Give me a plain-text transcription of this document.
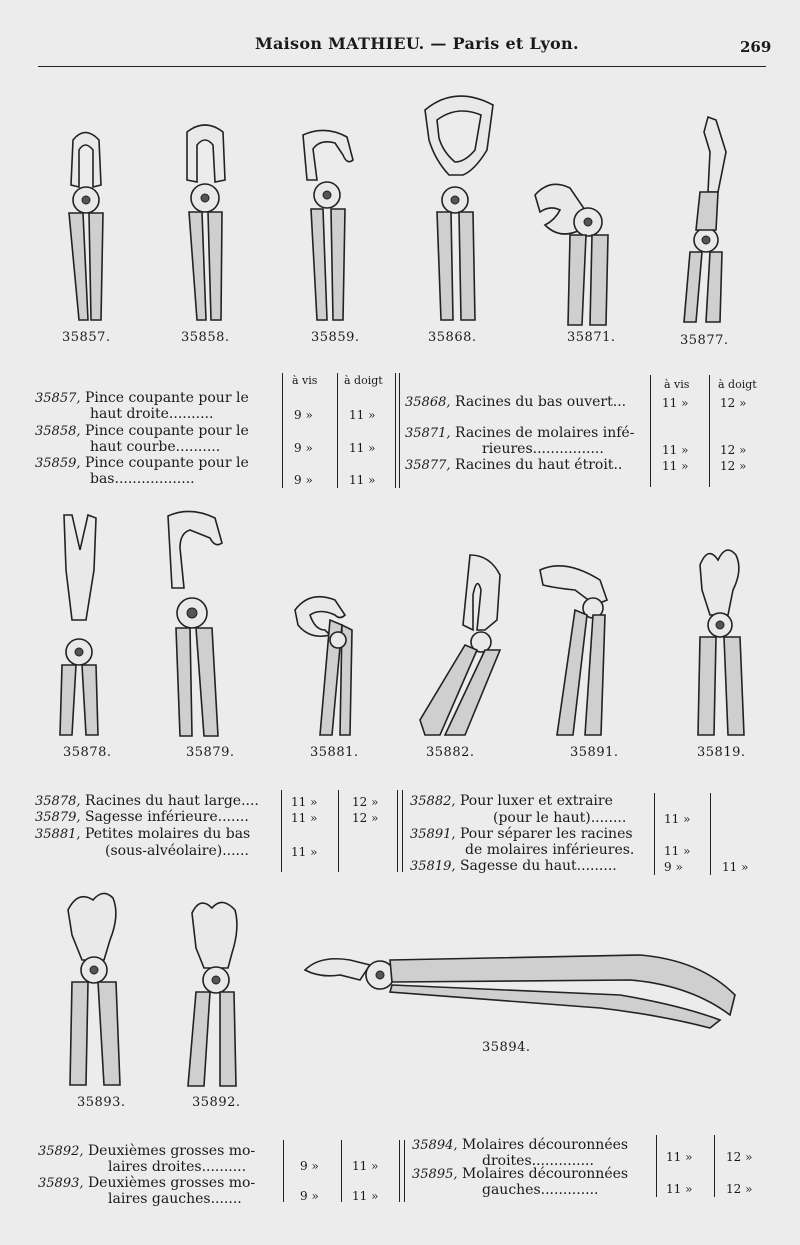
Maison MATHIEU. — Paris et Lyon.	269
35857.	35858.	35859.	35868.	35871.	35877.
à vis à doigt
35857, Pince coupante pour le
haut droite..........	9 »	11 »
35858, Pince coupante pour le
haut courbe..........	9 »	11 »
35859, Pince coupante pour le
bas..................	9 »	11 »
à vis	à doigt
35868, Racines du bas ouvert...	11 »	12 »
35871, Racines de molaires infé-
rieures................	11 »	12 »
35877, Racines du haut étroit..	11 »	12 »
35878.	35879.	35881.	35882.	35891.	35819.
35878, Racines du haut large....	11 »	12 »
35879, Sagesse inférieure.......	11 »	12 »
35881, Petites molaires du bas
(sous-alvéolaire)......	11 »
35882, Pour luxer et extraire
(pour le haut)........	11 »
35891, Pour séparer les racines
de molaires inférieures. 11 »
35819, Sagesse du haut.........	9 »	11 »
35893.	35892.
35894.
35892, Deuxièmes grosses mo-
laires droites..........	9 »	11 »
35893, Deuxièmes grosses mo-
laires gauches.......	9 »	11 »
35894, Molaires découronnées
droites..............	11 »	12 »
35895, Molaires découronnées
gauches.............	11 »	12 »
